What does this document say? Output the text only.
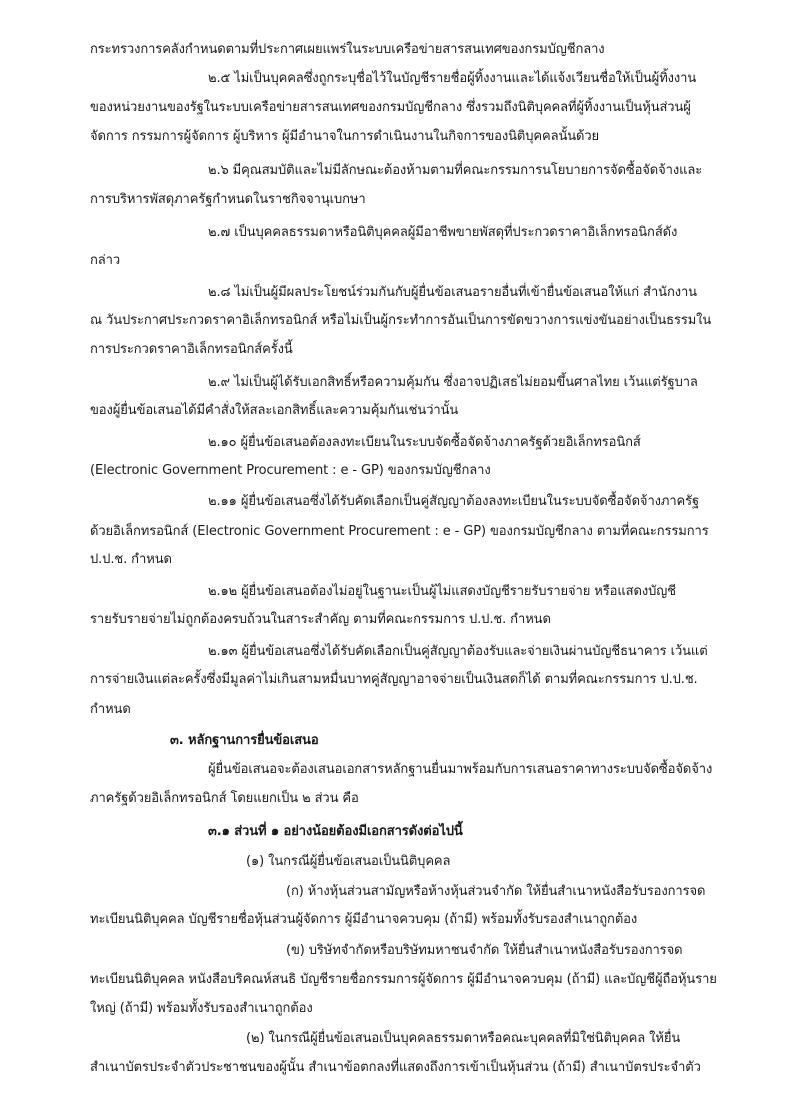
กระทรวงการคลังกำหนดตามที่ประกาศเผยแพร่ในระบบเครือข่ายสารสนเทศของกรมบัญชีกลาง
๒.๕ ไม่เป็นบุคคลซึ่งถูกระบุชื่อไว้ในบัญชีรายชื่อผู้ทิ้งงานและได้แจ้งเวียนชื่อให้เป็นผู้ทิ้งงาน
ของหน่วยงานของรัฐในระบบเครือข่ายสารสนเทศของกรมบัญชีกลาง ซึ่งรวมถึงนิติบุคคลที่ผู้ทิ้งงานเป็นหุ้นส่วนผู้
จัดการ กรรมการผู้จัดการ ผู้บริหาร ผู้มีอำนาจในการดำเนินงานในกิจการของนิติบุคคลนั้นด้วย
๒.๖ มีคุณสมบัติและไม่มีลักษณะต้องห้ามตามที่คณะกรรมการนโยบายการจัดซื้อจัดจ้างและ
การบริหารพัสดุภาครัฐกำหนดในราชกิจจานุเบกษา
๒.๗ เป็นบุคคลธรรมดาหรือนิติบุคคลผู้มีอาชีพขายพัสดุที่ประกวดราคาอิเล็กทรอนิกส์ดัง
กล่าว
๒.๘ ไม่เป็นผู้มีผลประโยชน์ร่วมกันกับผู้ยื่นข้อเสนอรายอื่นที่เข้ายื่นข้อเสนอให้แก่ สำนักงาน
ณ วันประกาศประกวดราคาอิเล็กทรอนิกส์ หรือไม่เป็นผู้กระทำการอันเป็นการขัดขวางการแข่งขันอย่างเป็นธรรมใน
การประกวดราคาอิเล็กทรอนิกส์ครั้งนี้
๒.๙ ไม่เป็นผู้ได้รับเอกสิทธิ์หรือความคุ้มกัน ซึ่งอาจปฏิเสธไม่ยอมขึ้นศาลไทย เว้นแต่รัฐบาล
ของผู้ยื่นข้อเสนอได้มีคำสั่งให้สละเอกสิทธิ์และความคุ้มกันเช่นว่านั้น
๒.๑๐ ผู้ยื่นข้อเสนอต้องลงทะเบียนในระบบจัดซื้อจัดจ้างภาครัฐด้วยอิเล็กทรอนิกส์
(Electronic Government Procurement : e - GP) ของกรมบัญชีกลาง
๒.๑๑ ผู้ยื่นข้อเสนอซึ่งได้รับคัดเลือกเป็นคู่สัญญาต้องลงทะเบียนในระบบจัดซื้อจัดจ้างภาครัฐ
ด้วยอิเล็กทรอนิกส์ (Electronic Government Procurement : e - GP) ของกรมบัญชีกลาง ตามที่คณะกรรมการ
ป.ป.ช. กำหนด
๒.๑๒ ผู้ยื่นข้อเสนอต้องไม่อยู่ในฐานะเป็นผู้ไม่แสดงบัญชีรายรับรายจ่าย หรือแสดงบัญชี
รายรับรายจ่ายไม่ถูกต้องครบถ้วนในสาระสำคัญ ตามที่คณะกรรมการ ป.ป.ช. กำหนด
๒.๑๓ ผู้ยื่นข้อเสนอซึ่งได้รับคัดเลือกเป็นคู่สัญญาต้องรับและจ่ายเงินผ่านบัญชีธนาคาร เว้นแต่
การจ่ายเงินแต่ละครั้งซึ่งมีมูลค่าไม่เกินสามหมื่นบาทคู่สัญญาอาจจ่ายเป็นเงินสดก็ได้ ตามที่คณะกรรมการ ป.ป.ช.
กำหนด
๓. หลักฐานการยื่นข้อเสนอ
ผู้ยื่นข้อเสนอจะต้องเสนอเอกสารหลักฐานยื่นมาพร้อมกับการเสนอราคาทางระบบจัดซื้อจัดจ้าง
ภาครัฐด้วยอิเล็กทรอนิกส์ โดยแยกเป็น ๒ ส่วน คือ
๓.๑ ส่วนที่ ๑ อย่างน้อยต้องมีเอกสารดังต่อไปนี้
(๑) ในกรณีผู้ยื่นข้อเสนอเป็นนิติบุคคล
(ก) ห้างหุ้นส่วนสามัญหรือห้างหุ้นส่วนจำกัด ให้ยื่นสำเนาหนังสือรับรองการจด
ทะเบียนนิติบุคคล บัญชีรายชื่อหุ้นส่วนผู้จัดการ ผู้มีอำนาจควบคุม (ถ้ามี) พร้อมทั้งรับรองสำเนาถูกต้อง
(ข) บริษัทจำกัดหรือบริษัทมหาชนจำกัด ให้ยื่นสำเนาหนังสือรับรองการจด
ทะเบียนนิติบุคคล หนังสือบริคณห์สนธิ บัญชีรายชื่อกรรมการผู้จัดการ ผู้มีอำนาจควบคุม (ถ้ามี) และบัญชีผู้ถือหุ้นราย
ใหญ่ (ถ้ามี) พร้อมทั้งรับรองสำเนาถูกต้อง
(๒) ในกรณีผู้ยื่นข้อเสนอเป็นบุคคลธรรมดาหรือคณะบุคคลที่มิใช่นิติบุคคล ให้ยื่น
สำเนาบัตรประจำตัวประชาชนของผู้นั้น สำเนาข้อตกลงที่แสดงถึงการเข้าเป็นหุ้นส่วน (ถ้ามี) สำเนาบัตรประจำตัว
